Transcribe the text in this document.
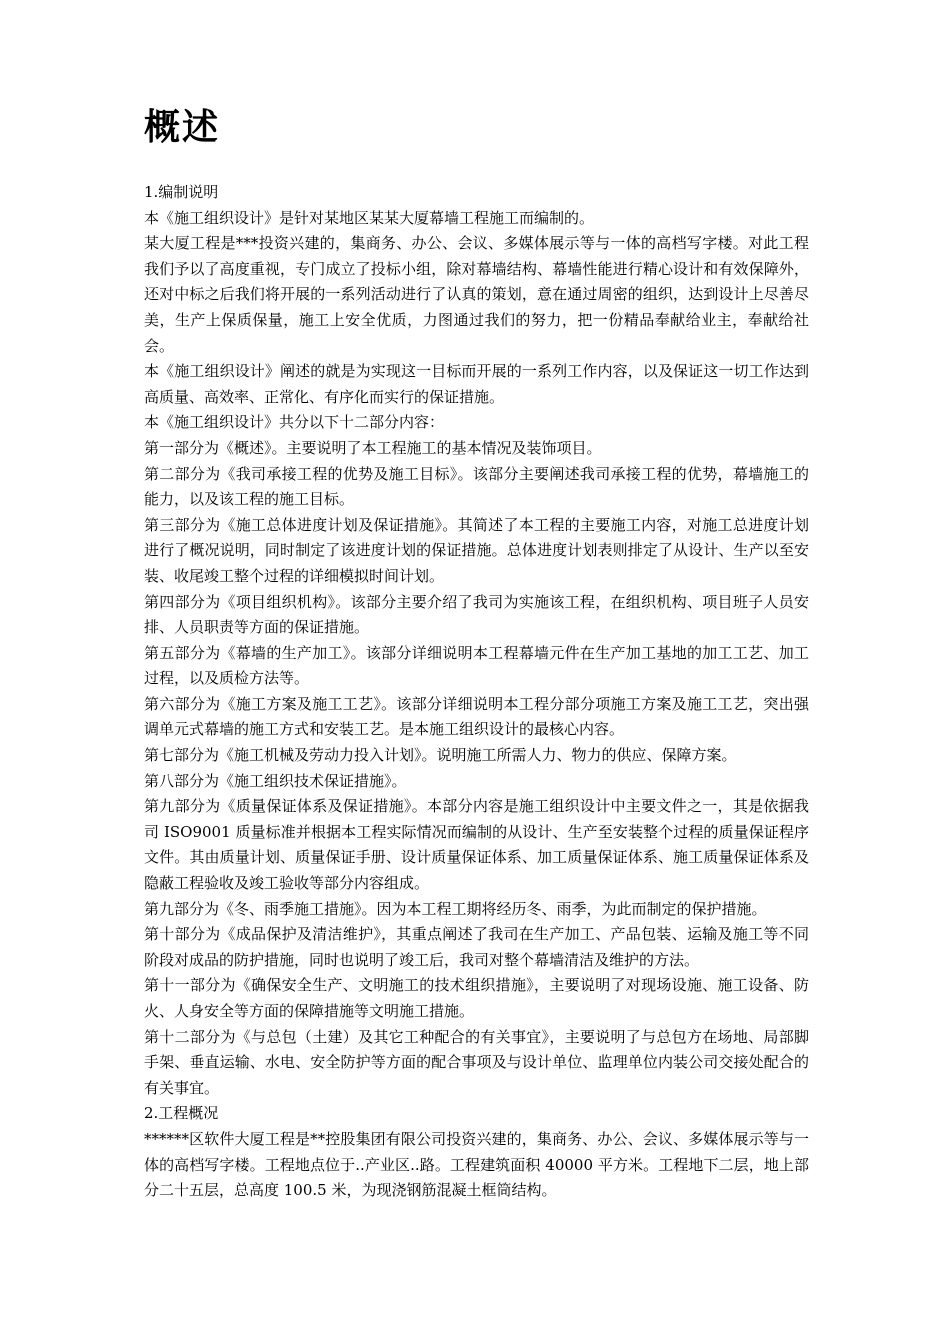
概述

1.编制说明

本《施工组织设计》是针对某地区某某大厦幕墙工程施工而编制的。

某大厦工程是***投资兴建的，集商务、办公、会议、多媒体展示等与一体的高档写字楼。对此工程我们予以了高度重视，专门成立了投标小组，除对幕墙结构、幕墙性能进行精心设计和有效保障外，还对中标之后我们将开展的一系列活动进行了认真的策划，意在通过周密的组织，达到设计上尽善尽美，生产上保质保量，施工上安全优质，力图通过我们的努力，把一份精品奉献给业主，奉献给社会。

本《施工组织设计》阐述的就是为实现这一目标而开展的一系列工作内容，以及保证这一切工作达到高质量、高效率、正常化、有序化而实行的保证措施。

本《施工组织设计》共分以下十二部分内容：

第一部分为《概述》。主要说明了本工程施工的基本情况及装饰项目。

第二部分为《我司承接工程的优势及施工目标》。该部分主要阐述我司承接工程的优势，幕墙施工的能力，以及该工程的施工目标。

第三部分为《施工总体进度计划及保证措施》。其简述了本工程的主要施工内容，对施工总进度计划进行了概况说明，同时制定了该进度计划的保证措施。总体进度计划表则排定了从设计、生产以至安装、收尾竣工整个过程的详细模拟时间计划。

第四部分为《项目组织机构》。该部分主要介绍了我司为实施该工程，在组织机构、项目班子人员安排、人员职责等方面的保证措施。

第五部分为《幕墙的生产加工》。该部分详细说明本工程幕墙元件在生产加工基地的加工工艺、加工过程，以及质检方法等。

第六部分为《施工方案及施工工艺》。该部分详细说明本工程分部分项施工方案及施工工艺，突出强调单元式幕墙的施工方式和安装工艺。是本施工组织设计的最核心内容。

第七部分为《施工机械及劳动力投入计划》。说明施工所需人力、物力的供应、保障方案。

第八部分为《施工组织技术保证措施》。

第九部分为《质量保证体系及保证措施》。本部分内容是施工组织设计中主要文件之一，其是依据我司 ISO9001 质量标准并根据本工程实际情况而编制的从设计、生产至安装整个过程的质量保证程序文件。其由质量计划、质量保证手册、设计质量保证体系、加工质量保证体系、施工质量保证体系及隐蔽工程验收及竣工验收等部分内容组成。

第九部分为《冬、雨季施工措施》。因为本工程工期将经历冬、雨季，为此而制定的保护措施。

第十部分为《成品保护及清洁维护》，其重点阐述了我司在生产加工、产品包装、运输及施工等不同阶段对成品的防护措施，同时也说明了竣工后，我司对整个幕墙清洁及维护的方法。

第十一部分为《确保安全生产、文明施工的技术组织措施》，主要说明了对现场设施、施工设备、防火、人身安全等方面的保障措施等文明施工措施。

第十二部分为《与总包（土建）及其它工种配合的有关事宜》，主要说明了与总包方在场地、局部脚手架、垂直运输、水电、安全防护等方面的配合事项及与设计单位、监理单位内装公司交接处配合的有关事宜。

2.工程概况

******区软件大厦工程是**控股集团有限公司投资兴建的，集商务、办公、会议、多媒体展示等与一体的高档写字楼。工程地点位于..产业区..路。工程建筑面积 40000 平方米。工程地下二层，地上部分二十五层，总高度 100.5 米，为现浇钢筋混凝土框筒结构。
